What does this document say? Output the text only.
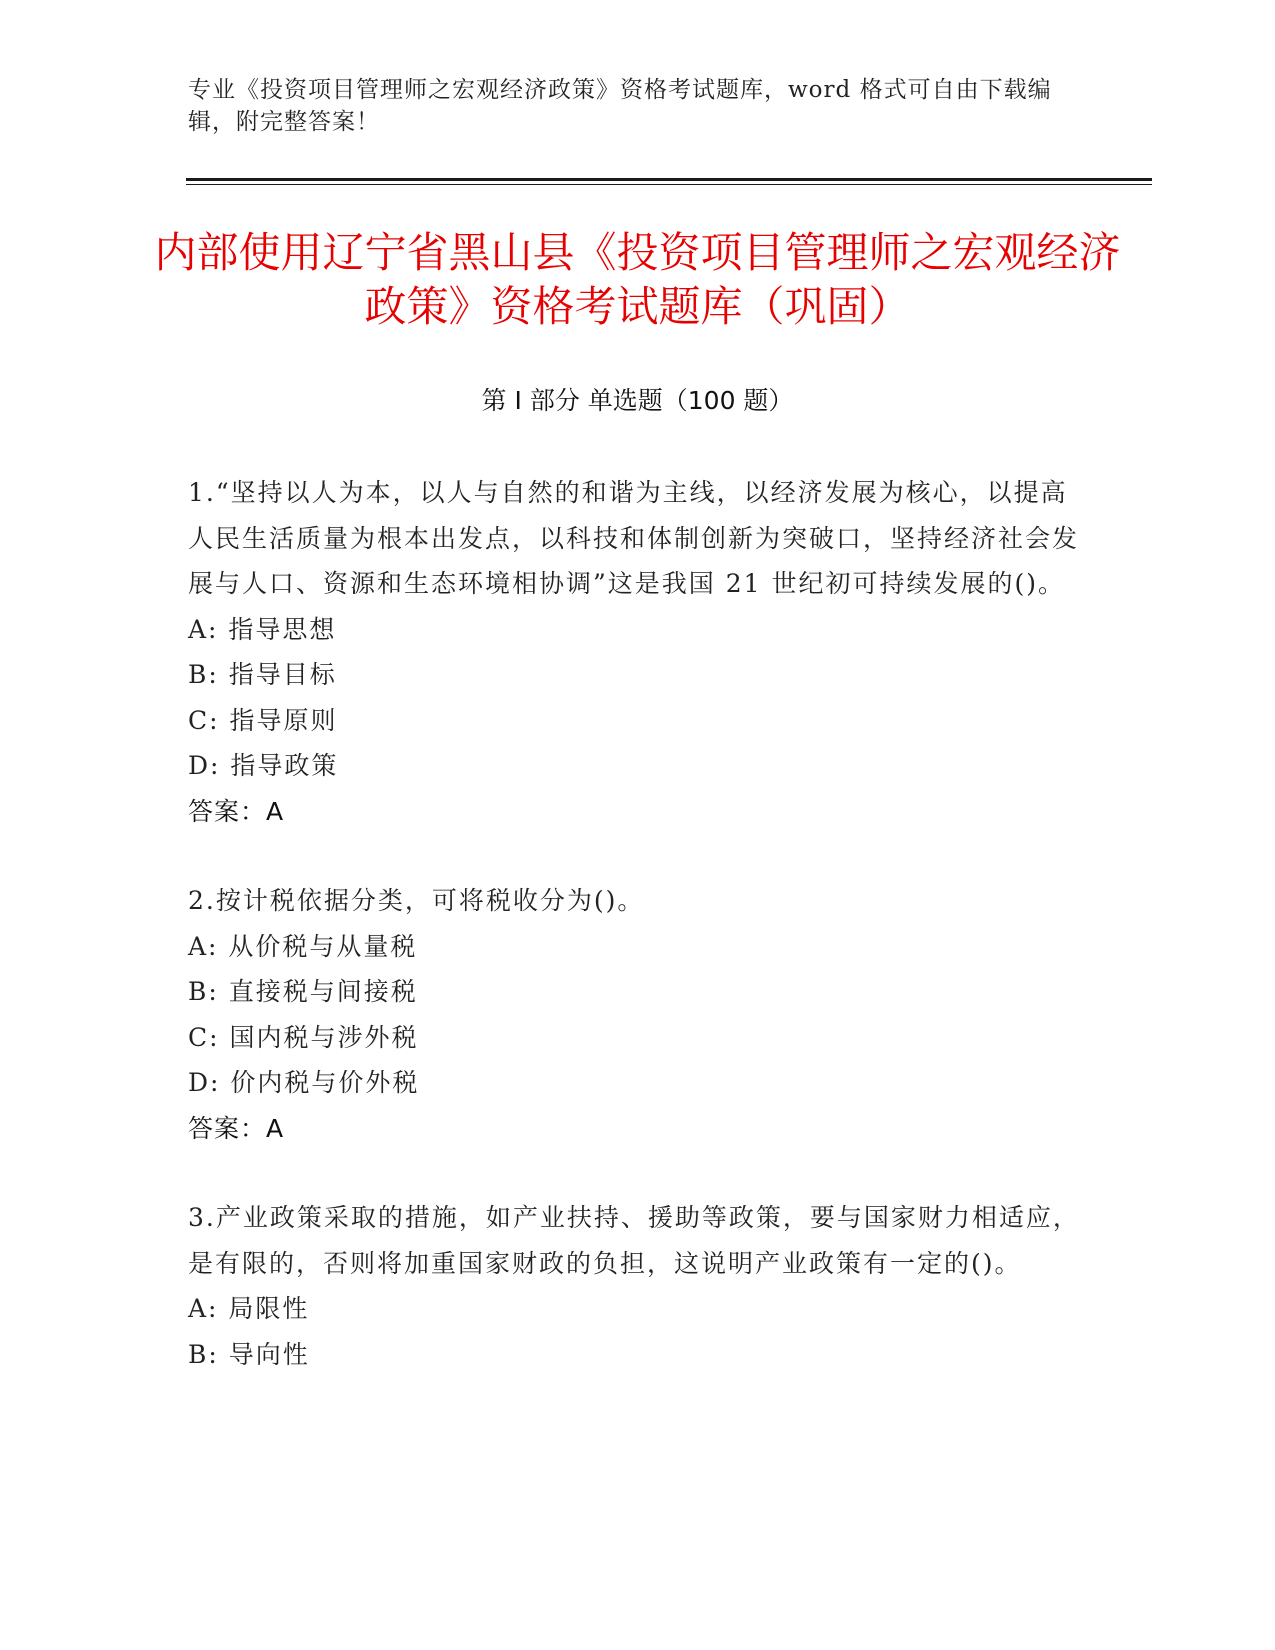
专业《投资项目管理师之宏观经济政策》资格考试题库，word 格式可自由下载编辑，附完整答案！
内部使用辽宁省黑山县《投资项目管理师之宏观经济政策》资格考试题库（巩固）
第 I 部分 单选题（100 题）
1.“坚持以人为本，以人与自然的和谐为主线，以经济发展为核心，以提高人民生活质量为根本出发点，以科技和体制创新为突破口，坚持经济社会发展与人口、资源和生态环境相协调”这是我国 21 世纪初可持续发展的()。
A: 指导思想
B: 指导目标
C: 指导原则
D: 指导政策
答案：A
2.按计税依据分类，可将税收分为()。
A: 从价税与从量税
B: 直接税与间接税
C: 国内税与涉外税
D: 价内税与价外税
答案：A
3.产业政策采取的措施，如产业扶持、援助等政策，要与国家财力相适应，是有限的，否则将加重国家财政的负担，这说明产业政策有一定的()。
A: 局限性
B: 导向性
